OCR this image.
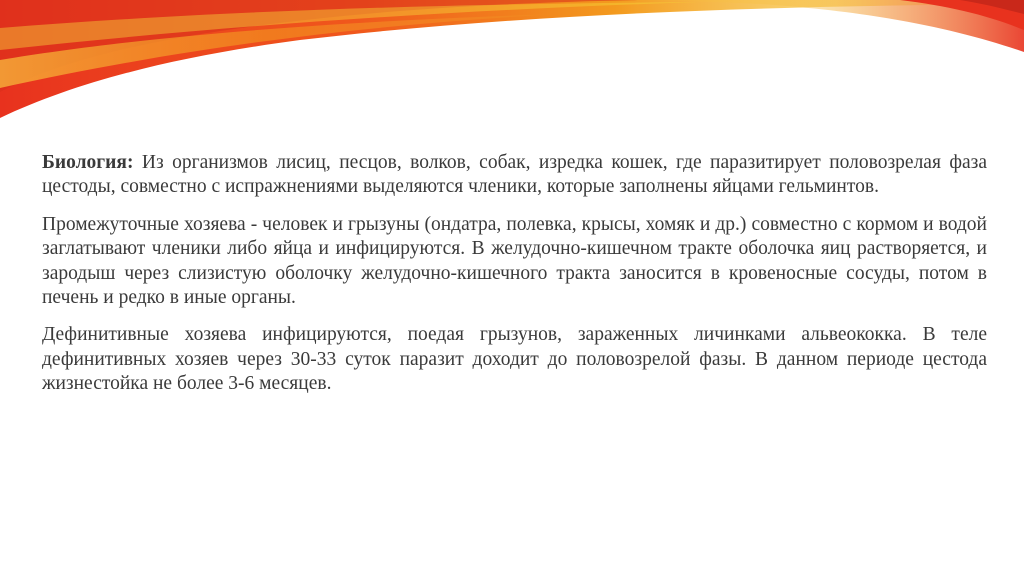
Биология: Из организмов лисиц, песцов, волков, собак, изредка кошек, где паразитирует половозрелая фаза цестоды, совместно с испражнениями выделяются членики, которые заполнены яйцами гельминтов.

Промежуточные хозяева - человек и грызуны (ондатра, полевка, крысы, хомяк и др.) совместно с кормом и водой заглатывают членики либо яйца и инфицируются. В желудочно-кишечном тракте оболочка яиц растворяется, и зародыш через слизистую оболочку желудочно-кишечного тракта заносится в кровеносные сосуды, потом в печень и редко в иные органы.

Дефинитивные хозяева инфицируются, поедая грызунов, зараженных личинками альвеококка. В теле дефинитивных хозяев через 30-33 суток паразит доходит до половозрелой фазы. В данном периоде цестода жизнестойка не более 3-6 месяцев.
